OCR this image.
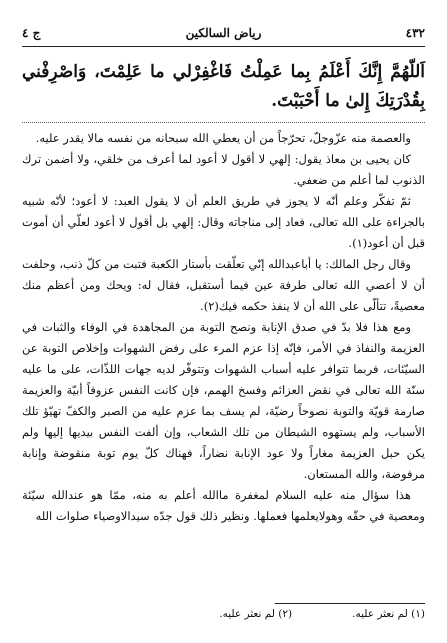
٤٣٢
رياض السالكين
ج ٤
اَللّهُمَّ إِنَّكَ أَعْلَمُ بِما عَمِلْتُ فَاغْفِرْلي ما عَلِمْتَ، وَاصْرِفْني بِقُدْرَتِكَ إِلىٰ ما أَحْبَبْتَ.

والعصمة منه عزّوجلّ، تحرّجاً من أن يعطي الله سبحانه من نفسه مالا يقدر عليه.

كان يحيى بن معاذ يقول: إلهي لا أقول لا أعود لما أعرف من خلقي، ولا أضمن ترك الذنوب لما أعلم من ضعفي.

ثمّ تفكّر وعلم أنّه لا يجوز في طريق العلم أن لا يقول العبد: لا أعود؛ لأنّه شبيه بالجراءة على الله تعالى، فعاد إلى مناجاته وقال: إلهي بل أقول لا أعود لعلّي أن أموت قبل أن أعود(١).

وقال رجل المالك: يا أباعبدالله إنّي تعلّقت بأستار الكعبة فتبت من كلّ ذنب، وحلفت أن لا أعصي الله تعالى طرفة عين فيما أستقبل، فقال له: ويحك ومن أعظم منك معصيةً، تتألّى على الله أن لا ينفذ حكمه فيك(٢).

ومع هذا فلا بدّ في صدق الإنابة ونصح التوبة من المجاهدة في الوفاء والثبات في العزيمة والنفاذ في الأمر، فإنّه إذا عزم المرء على رفض الشهوات وإخلاص التوبة عن السيّئات، فربما تتوافر عليه أسباب الشهوات وتتوفّر لديه جهات اللذّات، على ما عليه سنّة الله تعالى في نقض العزائم وفسخ الهمم، فإن كانت النفس عزوفاً أبيّة والعزيمة صارمة قويّة والتوبة نصوحاً رضيّة، لم يسف بما عزم عليه من الصبر والكفّ تهيّؤ تلك الأسباب، ولم يستهوه الشيطان من تلك الشعاب، وإن ألفت النفس بيديها إليها ولم يكن حبل العزيمة مغاراً ولا عود الإنابة نضاراً، فهناك كلّ يوم توبة منقوضة وإنابة مرفوضة، والله المستعان.

هذا سؤال منه عليه السلام لمغفرة ماالله أعلم به منه، ممّا هو عندالله سيّئة ومعصية في حقّه وهولايعلمها فعملها. ونظير ذلك قول جدّه سيدالاوصياء صلوات الله

(١) لم نعثر عليه.
(٢) لم نعثر عليه.
